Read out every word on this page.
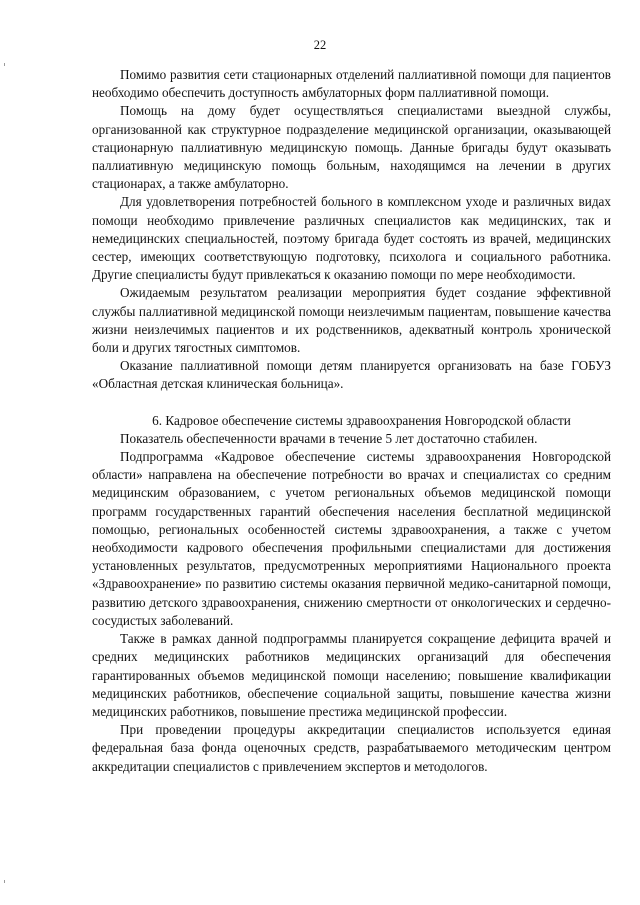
22

Помимо развития сети стационарных отделений паллиативной помощи для пациентов необходимо обеспечить доступность амбулаторных форм паллиативной помощи.

Помощь на дому будет осуществляться специалистами выездной службы, организованной как структурное подразделение медицинской организации, оказывающей стационарную паллиативную медицинскую помощь. Данные бригады будут оказывать паллиативную медицинскую помощь больным, находящимся на лечении в других стационарах, а также амбулаторно.

Для удовлетворения потребностей больного в комплексном уходе и различных видах помощи необходимо привлечение различных специалистов как медицинских, так и немедицинских специальностей, поэтому бригада будет состоять из врачей, медицинских сестер, имеющих соответствующую подготовку, психолога и социального работника. Другие специалисты будут привлекаться к оказанию помощи по мере необходимости.

Ожидаемым результатом реализации мероприятия будет создание эффективной службы паллиативной медицинской помощи неизлечимым пациентам, повышение качества жизни неизлечимых пациентов и их родственников, адекватный контроль хронической боли и других тягостных симптомов.

Оказание паллиативной помощи детям планируется организовать на базе ГОБУЗ «Областная детская клиническая больница».

6. Кадровое обеспечение системы здравоохранения Новгородской области

Показатель обеспеченности врачами в течение 5 лет достаточно стабилен.

Подпрограмма «Кадровое обеспечение системы здравоохранения Новгородской области» направлена на обеспечение потребности во врачах и специалистах со средним медицинским образованием, с учетом региональных объемов медицинской помощи программ государственных гарантий обеспечения населения бесплатной медицинской помощью, региональных особенностей системы здравоохранения, а также с учетом необходимости кадрового обеспечения профильными специалистами для достижения установленных результатов, предусмотренных мероприятиями Национального проекта «Здравоохранение» по развитию системы оказания первичной медико-санитарной помощи, развитию детского здравоохранения, снижению смертности от онкологических и сердечно-сосудистых заболеваний.

Также в рамках данной подпрограммы планируется сокращение дефицита врачей и средних медицинских работников медицинских организаций для обеспечения гарантированных объемов медицинской помощи населению; повышение квалификации медицинских работников, обеспечение социальной защиты, повышение качества жизни медицинских работников, повышение престижа медицинской профессии.

При проведении процедуры аккредитации специалистов используется единая федеральная база фонда оценочных средств, разрабатываемого методическим центром аккредитации специалистов с привлечением экспертов и методологов.
